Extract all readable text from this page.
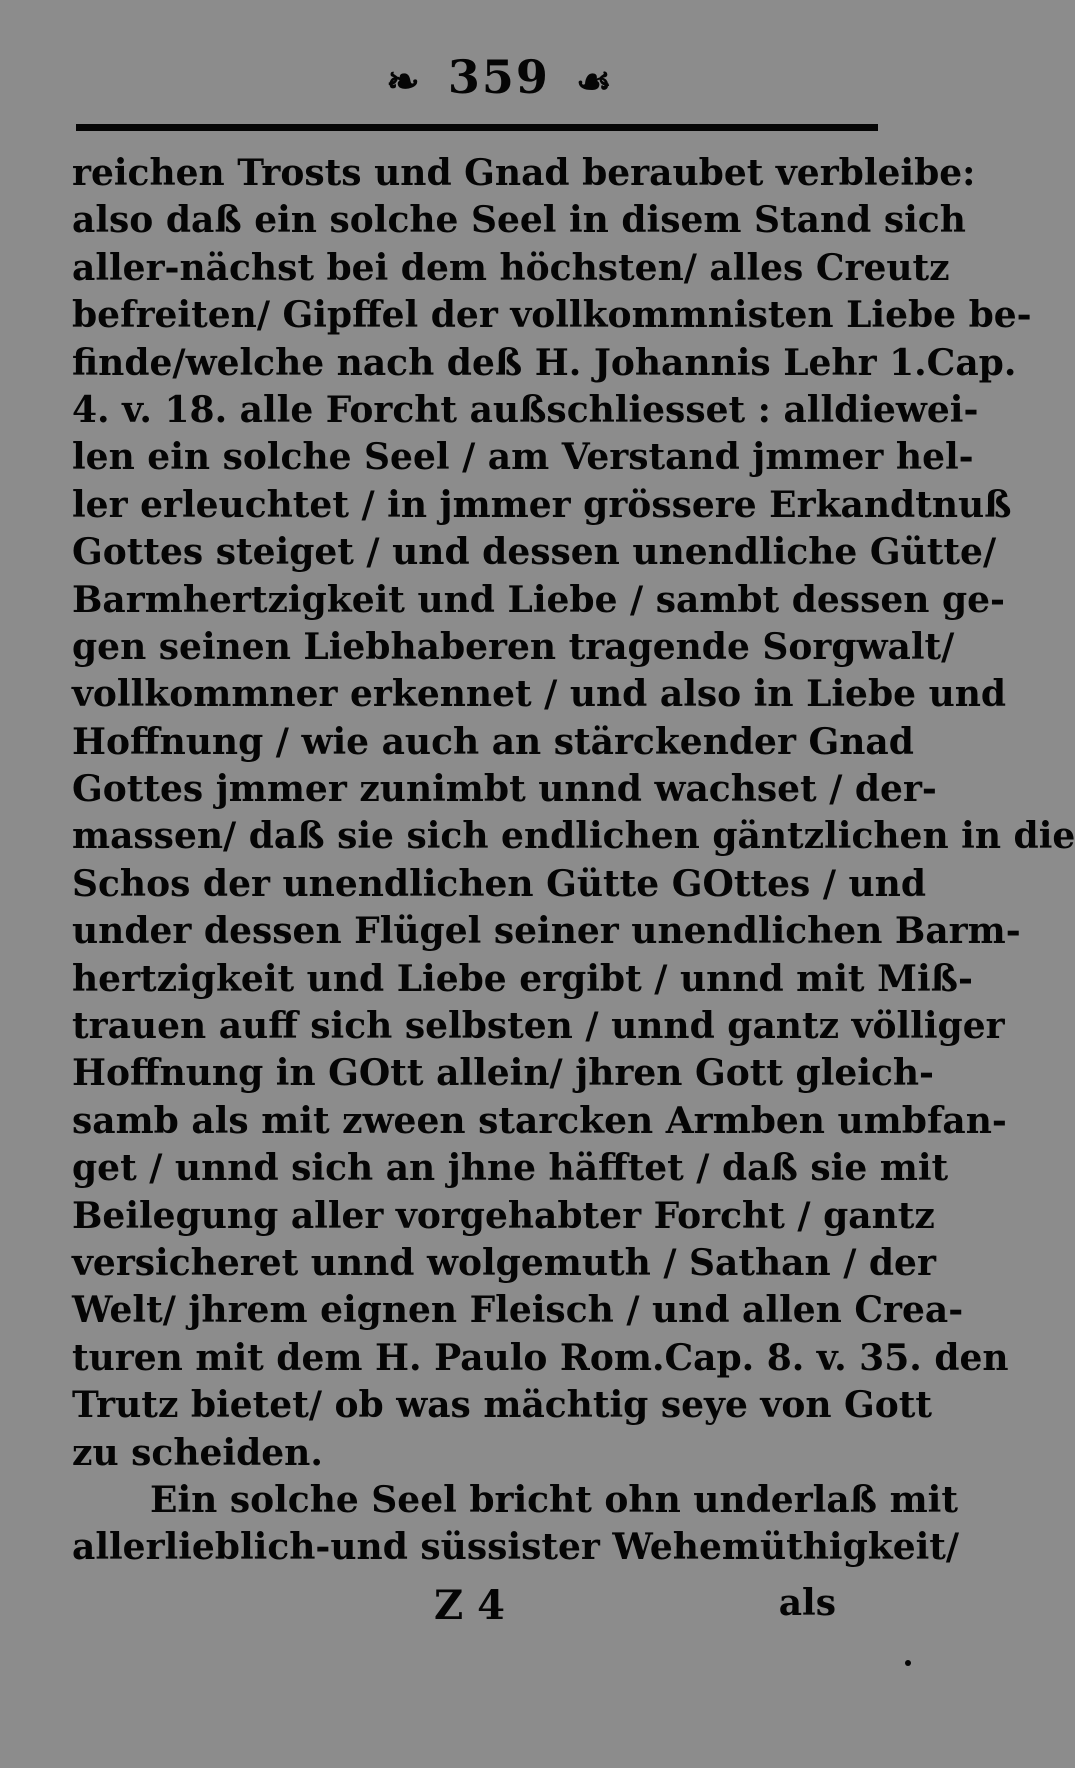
❧ 359 ☙
reichen Trosts und Gnad beraubet verbleibe:
also daß ein solche Seel in disem Stand sich
aller-nächst bei dem höchsten/ alles Creutz
befreiten/ Gipffel der vollkommnisten Liebe be-
finde/welche nach deß H. Johannis Lehr 1.Cap.
4. v. 18. alle Forcht außschliesset : alldiewei-
len ein solche Seel / am Verstand jmmer hel-
ler erleuchtet / in jmmer grössere Erkandtnuß
Gottes steiget / und dessen unendliche Gütte/
Barmhertzigkeit und Liebe / sambt dessen ge-
gen seinen Liebhaberen tragende Sorgwalt/
vollkommner erkennet / und also in Liebe und
Hoffnung / wie auch an stärckender Gnad
Gottes jmmer zunimbt unnd wachset / der-
massen/ daß sie sich endlichen gäntzlichen in die
Schos der unendlichen Gütte GOttes / und
under dessen Flügel seiner unendlichen Barm-
hertzigkeit und Liebe ergibt / unnd mit Miß-
trauen auff sich selbsten / unnd gantz völliger
Hoffnung in GOtt allein/ jhren Gott gleich-
samb als mit zween starcken Armben umbfan-
get / unnd sich an jhne häfftet / daß sie mit
Beilegung aller vorgehabter Forcht / gantz
versicheret unnd wolgemuth / Sathan / der
Welt/ jhrem eignen Fleisch / und allen Crea-
turen mit dem H. Paulo Rom.Cap. 8. v. 35. den
Trutz bietet/ ob was mächtig seye von Gott
zu scheiden.
Ein solche Seel bricht ohn underlaß mit
allerlieblich-und süssister Wehemüthigkeit/
Z 4	als
